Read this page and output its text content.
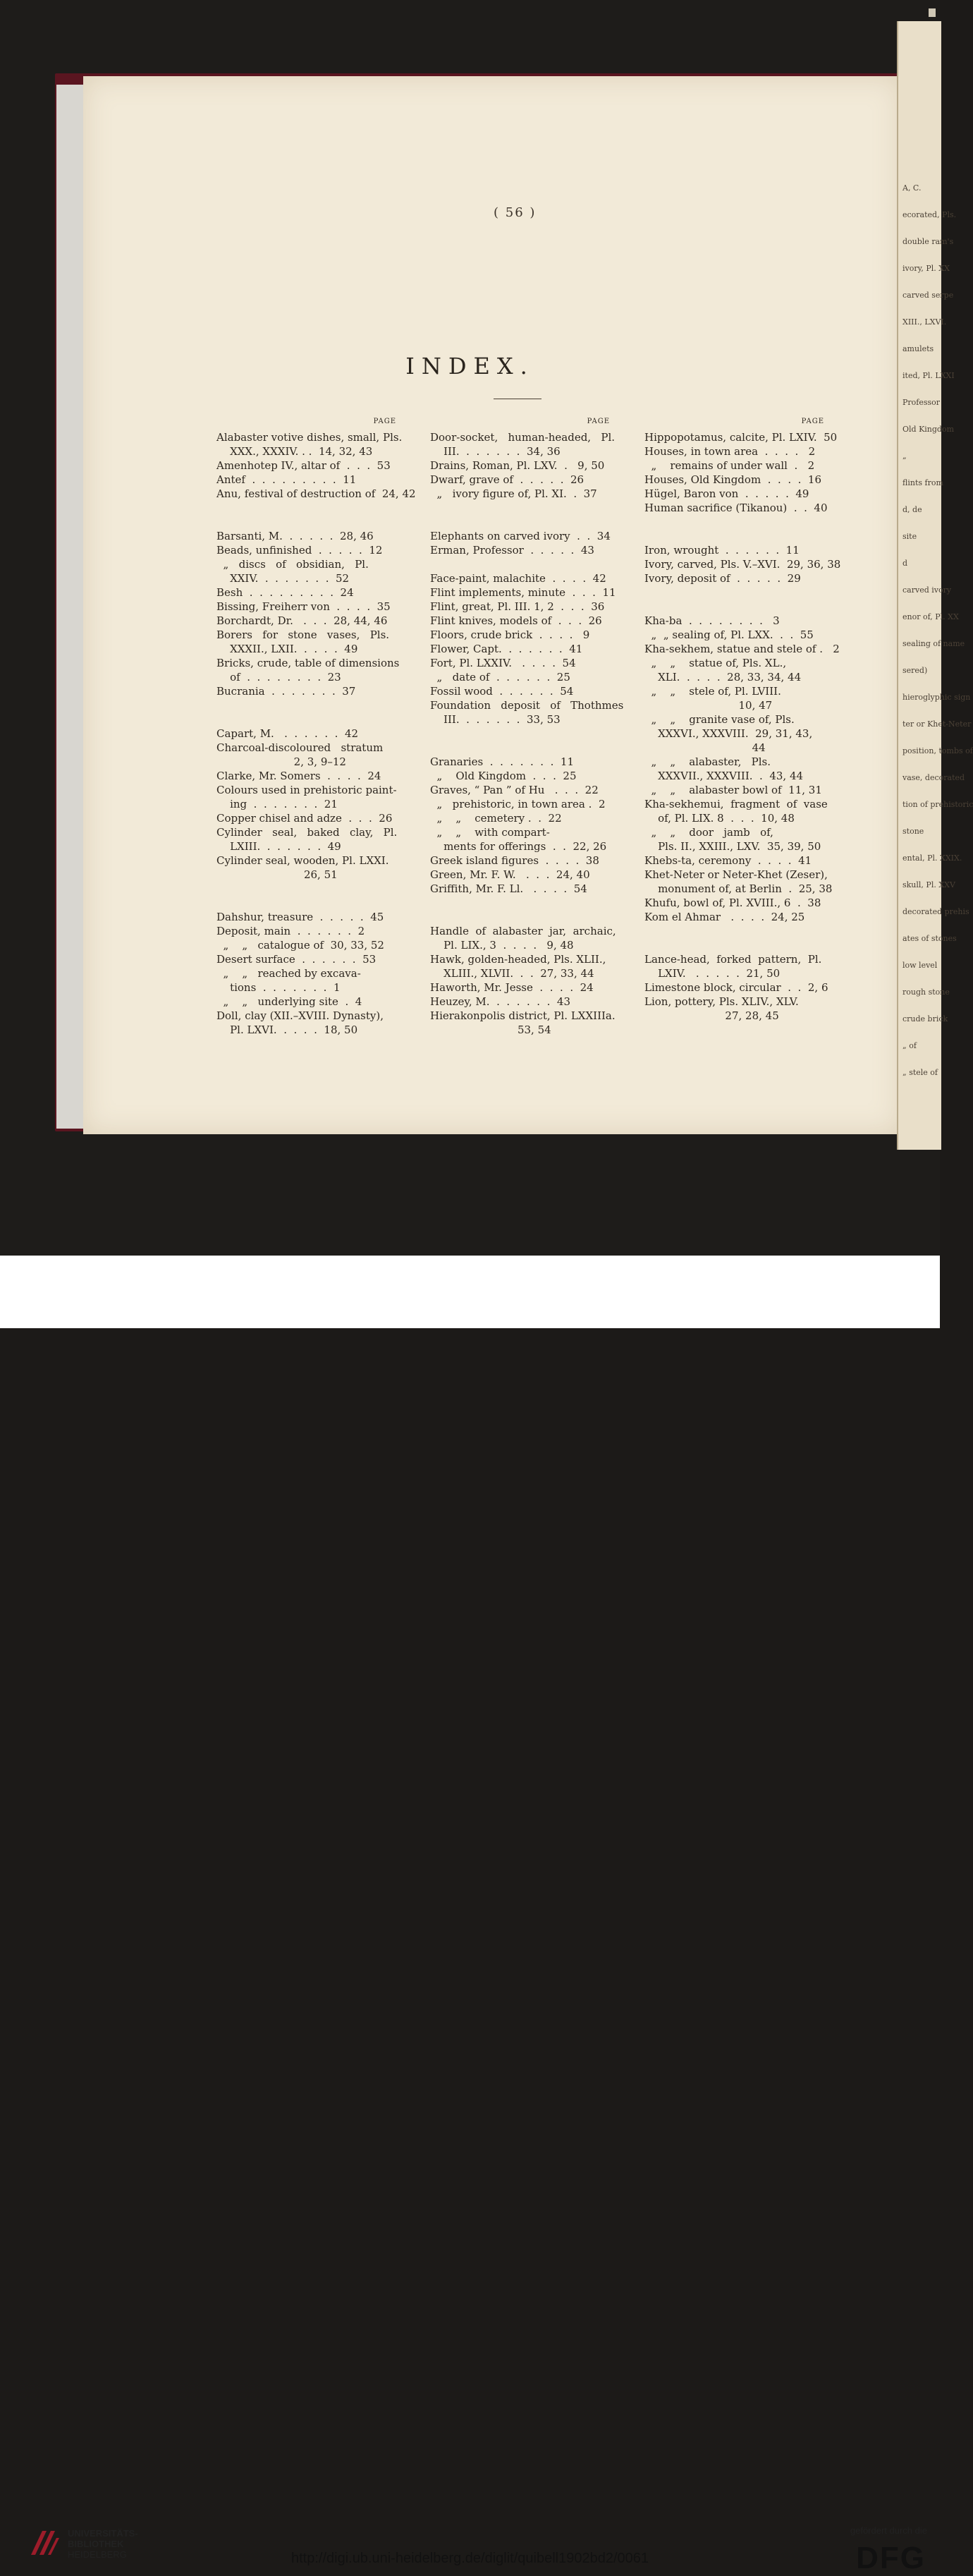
A, C.
ecorated, Pls.
double ram's
ivory, Pl. XX
carved serpe
XIII., LXVI.
amulets
ited, Pl. LXXI
Professor
Old Kingdom
„
flints from
d, de
site
d
carved ivory
enor of, Pl. XX
sealing of name
sered)
hieroglyphic sign
ter or Khet-Neter
position, tombs of
vase, decorated
tion of prehistoric
stone
ental, Pl. XXIX.
skull, Pl. XXV
decorated prehis
ates of stones
low level
rough stone
crude brick
„ of
„ stele of
( 56 )
INDEX.
PAGE
Alabaster votive dishes, small, Pls.
XXX., XXXIV. . .  14, 32, 43
Amenhotep IV., altar of  .  .  .  53
Antef  .  .  .  .  .  .  .  .  .  11
Anu, festival of destruction of  24, 42
Barsanti, M.  .  .  .  .  .  28, 46
Beads, unfinished  .  .  .  .  .  12
„   discs   of   obsidian,   Pl.
XXIV.  .  .  .  .  .  .  .  52
Besh  .  .  .  .  .  .  .  .  .  24
Bissing, Freiherr von  .  .  .  .  35
Borchardt, Dr.   .  .  .  28, 44, 46
Borers   for   stone   vases,   Pls.
XXXII., LXII.  .  .  .  .  49
Bricks, crude, table of dimensions
of  .  .  .  .  .  .  .  .  23
Bucrania  .  .  .  .  .  .  .  37
Capart, M.   .  .  .  .  .  .  42
Charcoal-discoloured   stratum
2, 3, 9–12
Clarke, Mr. Somers  .  .  .  .  24
Colours used in prehistoric paint-
ing  .  .  .  .  .  .  .  21
Copper chisel and adze  .  .  .  26
Cylinder   seal,   baked   clay,   Pl.
LXIII.  .  .  .  .  .  .  49
Cylinder seal, wooden, Pl. LXXI.
26, 51
Dahshur, treasure  .  .  .  .  .  45
Deposit, main  .  .  .  .  .  .  2
„    „   catalogue of  30, 33, 52
Desert surface  .  .  .  .  .  .  53
„    „   reached by excava-
tions  .  .  .  .  .  .  .  1
„    „   underlying site  .  4
Doll, clay (XII.–XVIII. Dynasty),
Pl. LXVI.  .  .  .  .  18, 50
PAGE
Door-socket,   human-headed,   Pl.
III.  .  .  .  .  .  .  34, 36
Drains, Roman, Pl. LXV.  .   9, 50
Dwarf, grave of  .  .  .  .  .  26
„   ivory figure of, Pl. XI.  .  37
Elephants on carved ivory  .  .  34
Erman, Professor  .  .  .  .  .  43
Face-paint, malachite  .  .  .  .  42
Flint implements, minute  .  .  .  11
Flint, great, Pl. III. 1, 2  .  .  .  36
Flint knives, models of  .  .  .  26
Floors, crude brick  .  .  .  .   9
Flower, Capt.  .  .  .  .  .  .  41
Fort, Pl. LXXIV.   .  .  .  .  54
„   date of  .  .  .  .  .  .  25
Fossil wood  .  .  .  .  .  .  54
Foundation   deposit   of   Thothmes
III.  .  .  .  .  .  .  33, 53
Granaries  .  .  .  .  .  .  .  11
„    Old Kingdom  .  .  .  25
Graves, “ Pan ” of Hu   .  .  .  22
„   prehistoric, in town area .  2
„    „    cemetery .  .  22
„    „    with compart-
ments for offerings  .  .  22, 26
Greek island figures  .  .  .  .  38
Green, Mr. F. W.   .  .  .  24, 40
Griffith, Mr. F. Ll.   .  .  .  .  54
Handle  of  alabaster  jar,  archaic,
Pl. LIX., 3  .  .  .  .   9, 48
Hawk, golden-headed, Pls. XLII.,
XLIII., XLVII.  .  .  27, 33, 44
Haworth, Mr. Jesse  .  .  .  .  24
Heuzey, M.  .  .  .  .  .  .  43
Hierakonpolis district, Pl. LXXIIIa.
53, 54
PAGE
Hippopotamus, calcite, Pl. LXIV.  50
Houses, in town area  .  .  .  .   2
„    remains of under wall  .   2
Houses, Old Kingdom  .  .  .  .  16
Hügel, Baron von  .  .  .  .  .  49
Human sacrifice (Tikanou)  .  .  40
Iron, wrought  .  .  .  .  .  .  11
Ivory, carved, Pls. V.–XVI.  29, 36, 38
Ivory, deposit of  .  .  .  .  .  29
Kha-ba  .  .  .  .  .  .  .  .   3
„  „ sealing of, Pl. LXX.  .  .  55
Kha-sekhem, statue and stele of .   2
„    „    statue of, Pls. XL.,
XLI.  .  .  .  .  28, 33, 34, 44
„    „    stele of, Pl. LVIII.
10, 47
„    „    granite vase of, Pls.
XXXVI., XXXVIII.  29, 31, 43,
44
„    „    alabaster,   Pls.
XXXVII., XXXVIII.  .  43, 44
„    „    alabaster bowl of  11, 31
Kha-sekhemui,  fragment  of  vase
of, Pl. LIX. 8  .  .  .  10, 48
„    „    door   jamb   of,
Pls. II., XXIII., LXV.  35, 39, 50
Khebs-ta, ceremony  .  .  .  .  41
Khet-Neter or Neter-Khet (Zeser),
monument of, at Berlin  .  25, 38
Khufu, bowl of, Pl. XVIII., 6  .  38
Kom el Ahmar   .  .  .  .  24, 25
Lance-head,  forked  pattern,  Pl.
LXIV.   .  .  .  .  .  21, 50
Limestone block, circular  .  .  2, 6
Lion, pottery, Pls. XLIV., XLV.
27, 28, 45
UNIVERSITÄTS-
BIBLIOTHEK
HEIDELBERG	http://digi.ub.uni-heidelberg.de/diglit/quibell1902bd2/0061
gefördert durch die
DFG
